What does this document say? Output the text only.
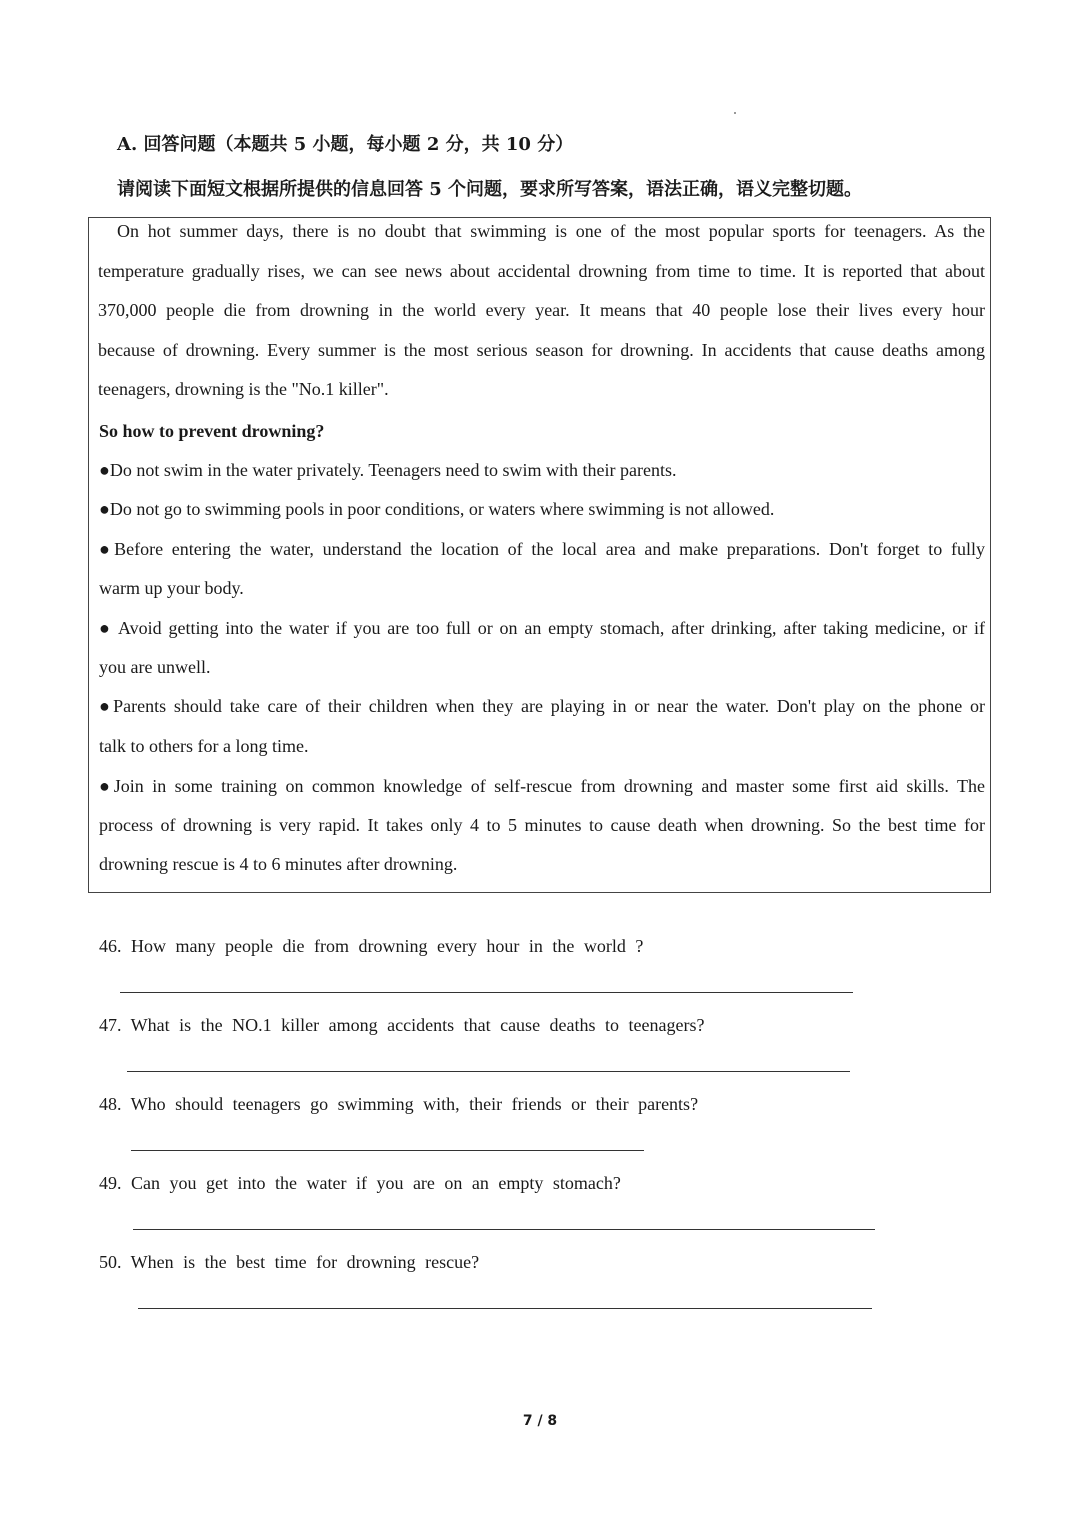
A. 回答问题（本题共 5 小题，每小题 2 分，共 10 分）
请阅读下面短文根据所提供的信息回答 5 个问题，要求所写答案，语法正确，语义完整切题。
On hot summer days, there is no doubt that swimming is one of the most popular sports for teenagers. As the
temperature gradually rises, we can see news about accidental drowning from time to time. It is reported that about
370,000 people die from drowning in the world every year. It means that 40 people lose their lives every hour
because of drowning. Every summer is the most serious season for drowning. In accidents that cause deaths among
teenagers, drowning is the "No.1 killer".
So how to prevent drowning?
●Do not swim in the water privately. Teenagers need to swim with their parents.
●Do not go to swimming pools in poor conditions, or waters where swimming is not allowed.
●Before entering the water, understand the location of the local area and make preparations. Don't forget to fully
warm up your body.
● Avoid getting into the water if you are too full or on an empty stomach, after drinking, after taking medicine, or if
you are unwell.
●Parents should take care of their children when they are playing in or near the water. Don't play on the phone or
talk to others for a long time.
●Join in some training on common knowledge of self-rescue from drowning and master some first aid skills. The
process of drowning is very rapid. It takes only 4 to 5 minutes to cause death when drowning. So the best time for
drowning rescue is 4 to 6 minutes after drowning.
46. How many people die from drowning every hour in the world ?
47. What is the NO.1 killer among accidents that cause deaths to teenagers?
48. Who should teenagers go swimming with, their friends or their parents?
49. Can you get into the water if you are on an empty stomach?
50. When is the best time for drowning rescue?
7 / 8
